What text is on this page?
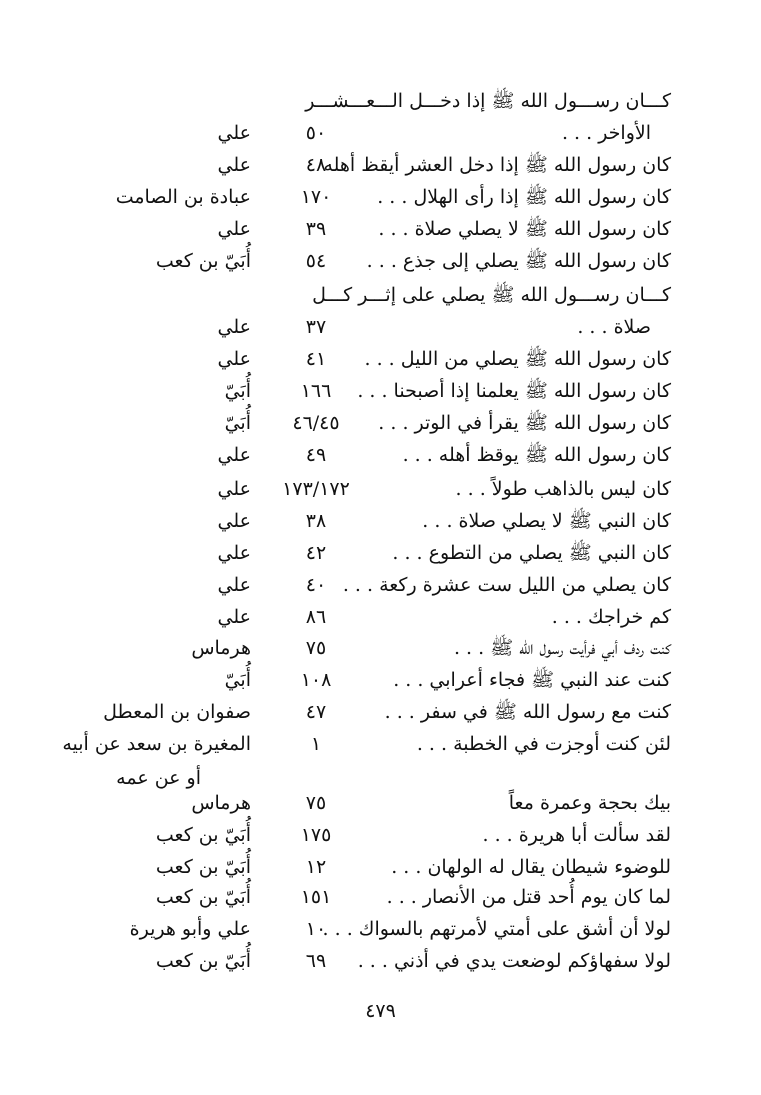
كـــان رســـول الله ﷺ إذا دخـــل الـــعـــشـــر
الأواخر . . .
٥٠
علي
كان رسول الله ﷺ إذا دخل العشر أيقظ أهله
٤٨
علي
كان رسول الله ﷺ إذا رأى الهلال . . .
١٧٠
عبادة بن الصامت
كان رسول الله ﷺ لا يصلي صلاة . . .
٣٩
علي
كان رسول الله ﷺ يصلي إلى جذع . . .
٥٤
أُبَيّ بن كعب
كـــان رســـول الله ﷺ يصلي على إثـــر كـــل
صلاة . . .
٣٧
علي
كان رسول الله ﷺ يصلي من الليل . . .
٤١
علي
كان رسول الله ﷺ يعلمنا إذا أصبحنا . . .
١٦٦
أُبَيّ
كان رسول الله ﷺ يقرأ في الوتر . . .
٤٦/٤٥
أُبَيّ
كان رسول الله ﷺ يوقظ أهله . . .
٤٩
علي
كان ليس بالذاهب طولاً . . .
١٧٣/١٧٢
علي
كان النبي ﷺ لا يصلي صلاة . . .
٣٨
علي
كان النبي ﷺ يصلي من التطوع . . .
٤٢
علي
كان يصلي من الليل ست عشرة ركعة . . .
٤٠
علي
كم خراجك . . .
٨٦
علي
كنت ردف أبي فرأيت رسول الله ﷺ . . .
٧٥
هرماس
كنت عند النبي ﷺ فجاء أعرابي . . .
١٠٨
أُبَيّ
كنت مع رسول الله ﷺ في سفر . . .
٤٧
صفوان بن المعطل
لئن كنت أوجزت في الخطبة . . .
١
المغيرة بن سعد عن أبيه
أو عن عمه
بيك بحجة وعمرة معاً
٧٥
هرماس
لقد سألت أبا هريرة . . .
١٧٥
أُبَيّ بن كعب
للوضوء شيطان يقال له الولهان . . .
١٢
أُبَيّ بن كعب
لما كان يوم أُحد قتل من الأنصار . . .
١٥١
أُبَيّ بن كعب
لولا أن أشق على أمتي لأمرتهم بالسواك . . .
١٠
علي وأبو هريرة
لولا سفهاؤكم لوضعت يدي في أذني . . .
٦٩
أُبَيّ بن كعب
٤٧٩
